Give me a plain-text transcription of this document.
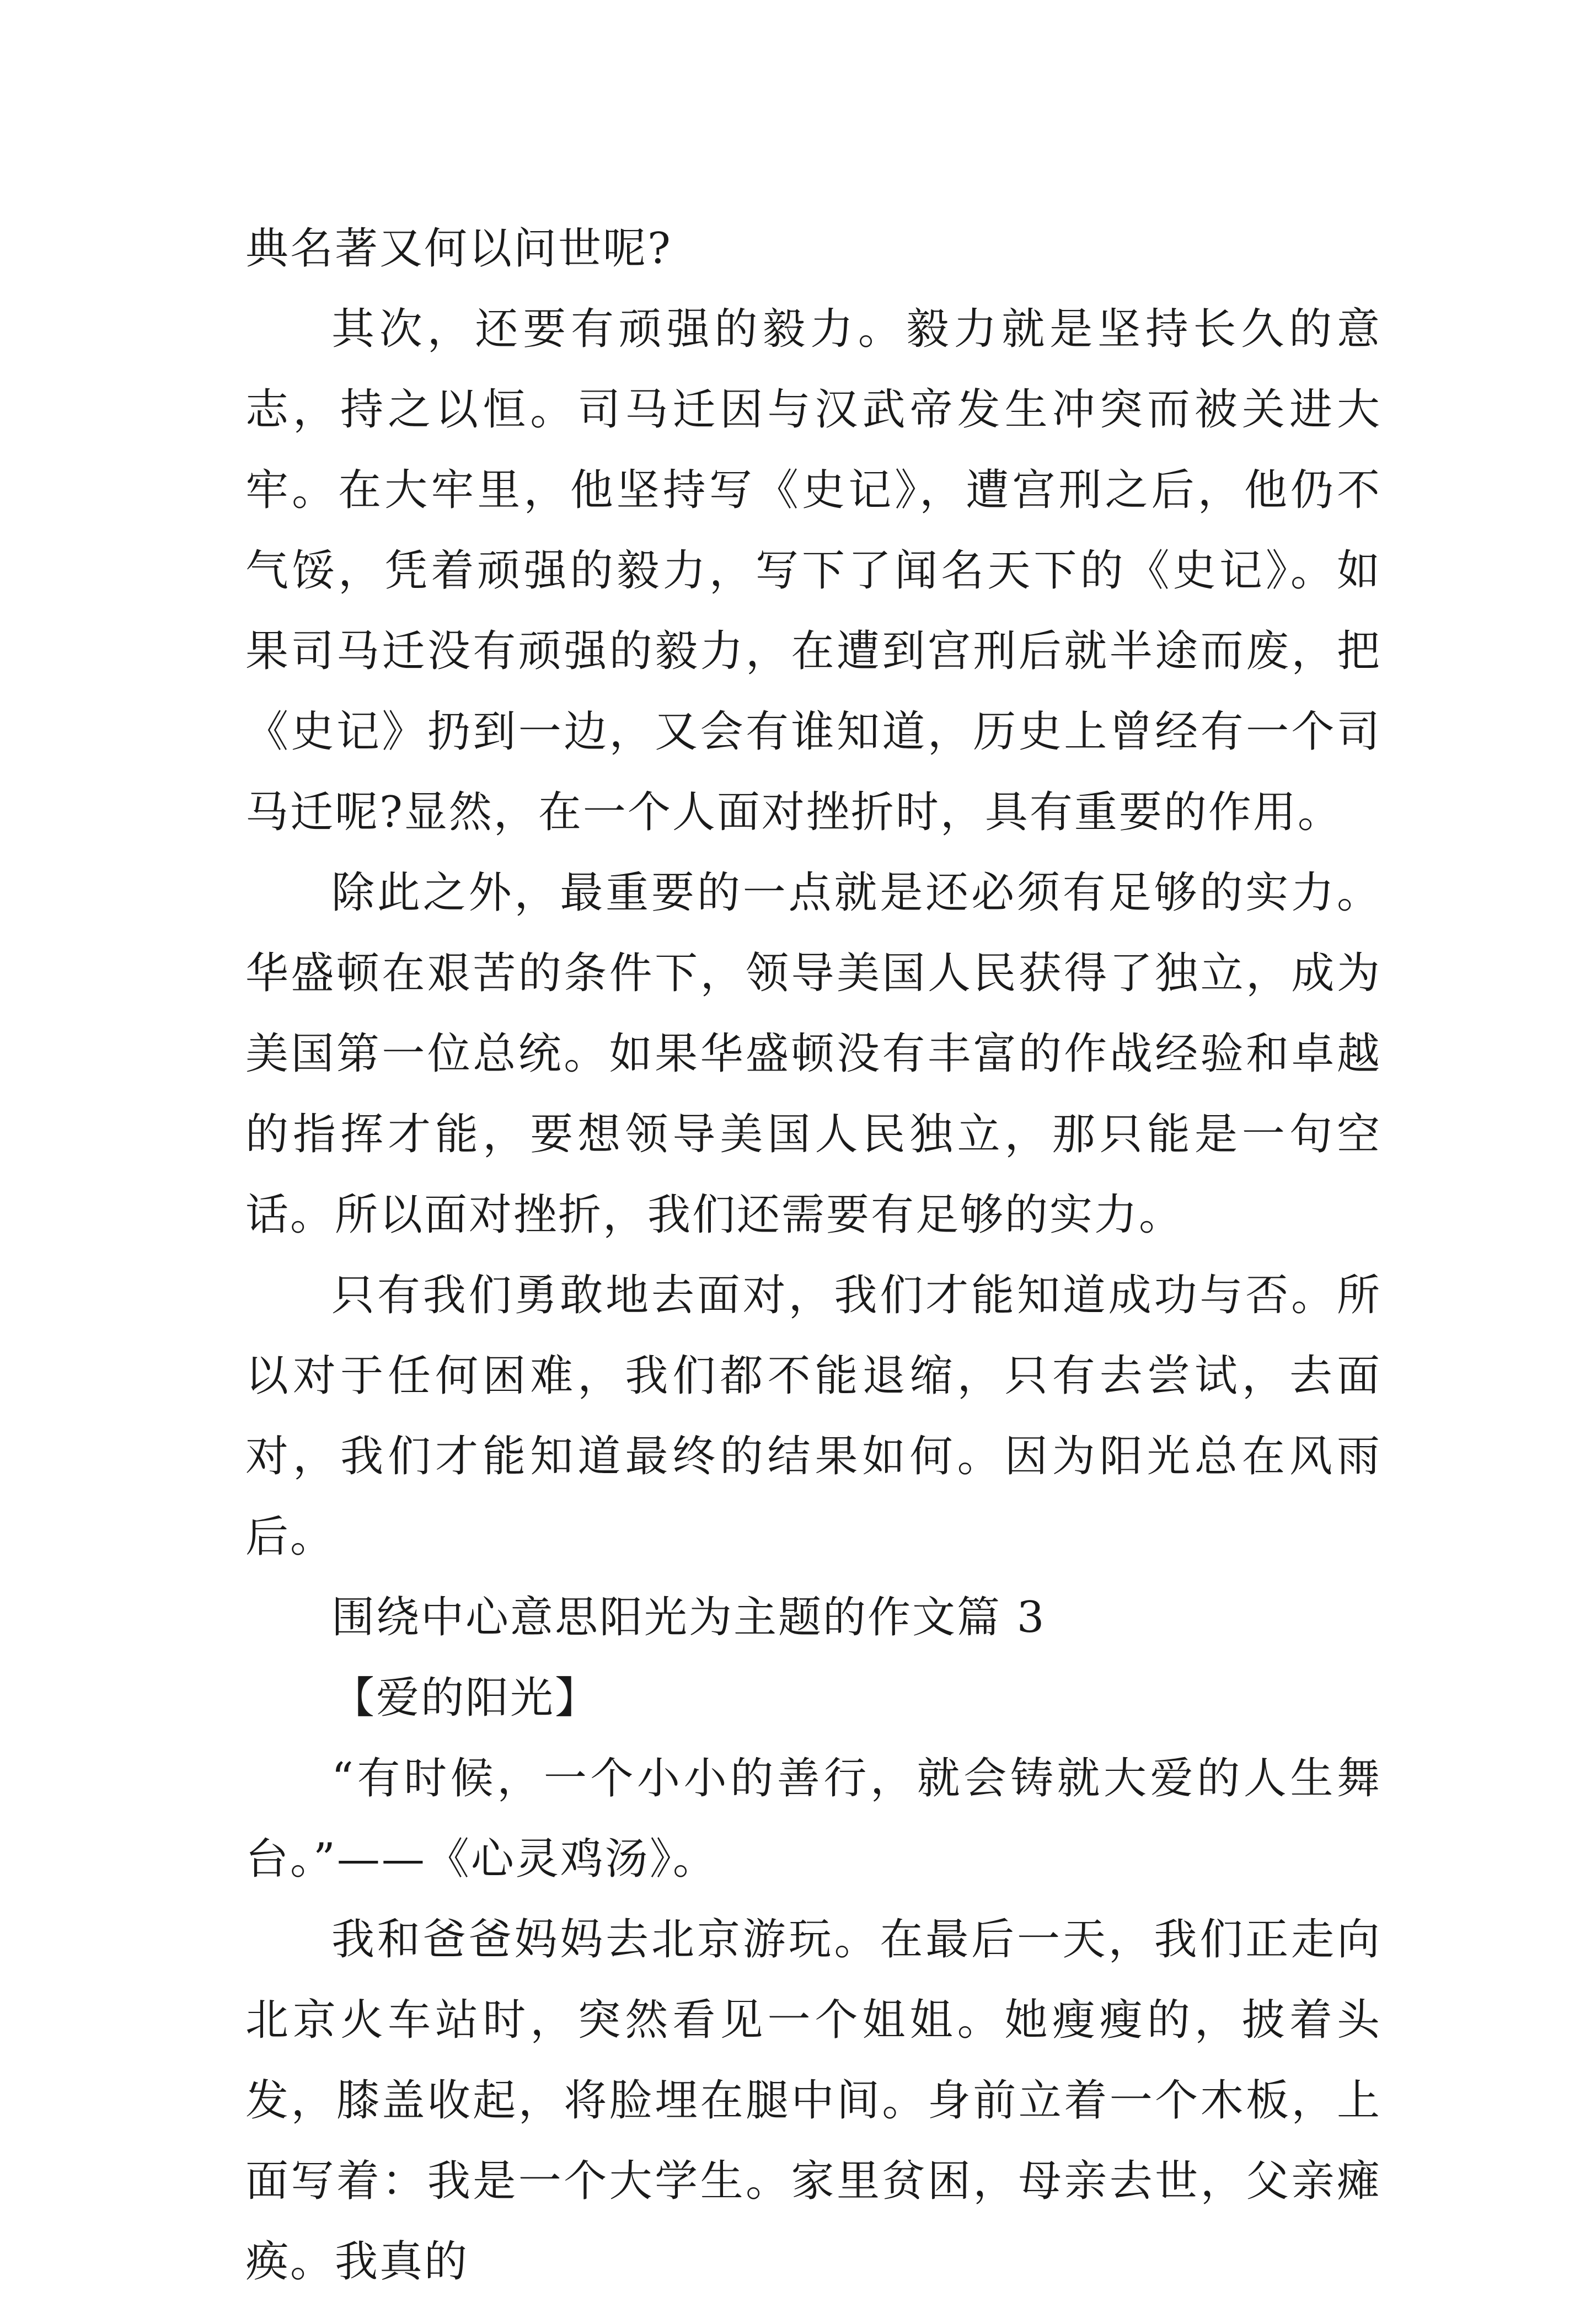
典名著又何以问世呢?

其次，还要有顽强的毅力。毅力就是坚持长久的意志，持之以恒。司马迁因与汉武帝发生冲突而被关进大牢。在大牢里，他坚持写《史记》，遭宫刑之后，他仍不气馁，凭着顽强的毅力，写下了闻名天下的《史记》。如果司马迁没有顽强的毅力，在遭到宫刑后就半途而废，把《史记》扔到一边，又会有谁知道，历史上曾经有一个司马迁呢?显然，在一个人面对挫折时，具有重要的作用。

除此之外，最重要的一点就是还必须有足够的实力。华盛顿在艰苦的条件下，领导美国人民获得了独立，成为美国第一位总统。如果华盛顿没有丰富的作战经验和卓越的指挥才能，要想领导美国人民独立，那只能是一句空话。所以面对挫折，我们还需要有足够的实力。

只有我们勇敢地去面对，我们才能知道成功与否。所以对于任何困难，我们都不能退缩，只有去尝试，去面对，我们才能知道最终的结果如何。因为阳光总在风雨后。

围绕中心意思阳光为主题的作文篇 3

【爱的阳光】

“有时候，一个小小的善行，就会铸就大爱的人生舞台。”——《心灵鸡汤》。

我和爸爸妈妈去北京游玩。在最后一天，我们正走向北京火车站时，突然看见一个姐姐。她瘦瘦的，披着头发，膝盖收起，将脸埋在腿中间。身前立着一个木板，上面写着：我是一个大学生。家里贫困，母亲去世，父亲瘫痪。我真的
